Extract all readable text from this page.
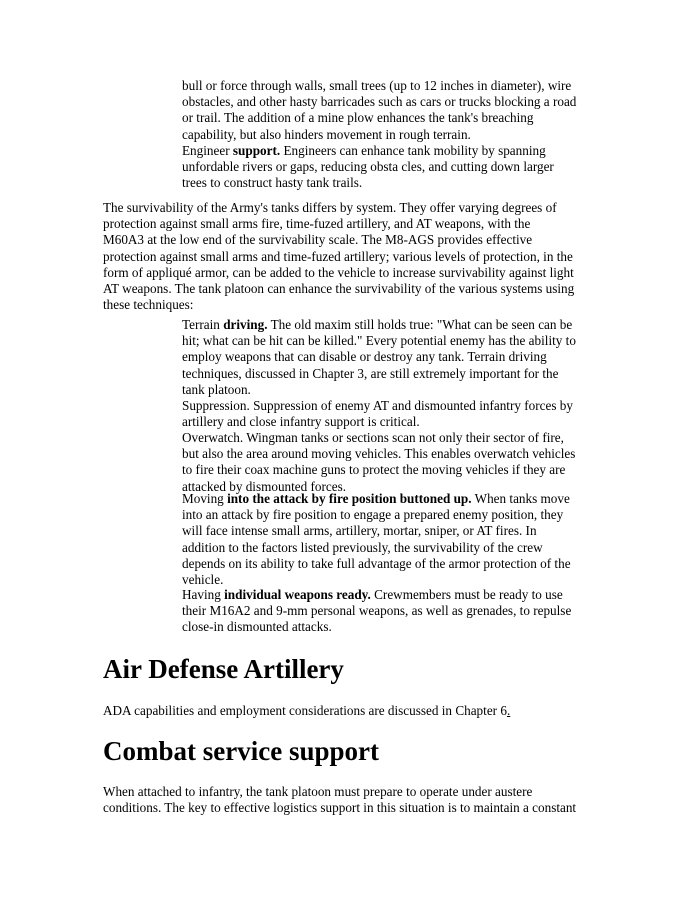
bull or force through walls, small trees (up to 12 inches in diameter), wire
obstacles, and other hasty barricades such as cars or trucks blocking a road
or trail. The addition of a mine plow enhances the tank's breaching
capability, but also hinders movement in rough terrain.
Engineer support. Engineers can enhance tank mobility by spanning
unfordable rivers or gaps, reducing obsta cles, and cutting down larger
trees to construct hasty tank trails.
The survivability of the Army's tanks differs by system. They offer varying degrees of
protection against small arms fire, time-fuzed artillery, and AT weapons, with the
M60A3 at the low end of the survivability scale. The M8-AGS provides effective
protection against small arms and time-fuzed artillery; various levels of protection, in the
form of appliqué armor, can be added to the vehicle to increase survivability against light
AT weapons. The tank platoon can enhance the survivability of the various systems using
these techniques:
Terrain driving. The old maxim still holds true: "What can be seen can be
hit; what can be hit can be killed." Every potential enemy has the ability to
employ weapons that can disable or destroy any tank. Terrain driving
techniques, discussed in Chapter 3, are still extremely important for the
tank platoon.
Suppression. Suppression of enemy AT and dismounted infantry forces by
artillery and close infantry support is critical.
Overwatch. Wingman tanks or sections scan not only their sector of fire,
but also the area around moving vehicles. This enables overwatch vehicles
to fire their coax machine guns to protect the moving vehicles if they are
attacked by dismounted forces.
Moving into the attack by fire position buttoned up. When tanks move
into an attack by fire position to engage a prepared enemy position, they
will face intense small arms, artillery, mortar, sniper, or AT fires. In
addition to the factors listed previously, the survivability of the crew
depends on its ability to take full advantage of the armor protection of the
vehicle.
Having individual weapons ready. Crewmembers must be ready to use
their M16A2 and 9-mm personal weapons, as well as grenades, to repulse
close-in dismounted attacks.
Air Defense Artillery
ADA capabilities and employment considerations are discussed in Chapter 6.
Combat service support
When attached to infantry, the tank platoon must prepare to operate under austere
conditions. The key to effective logistics support in this situation is to maintain a constant
